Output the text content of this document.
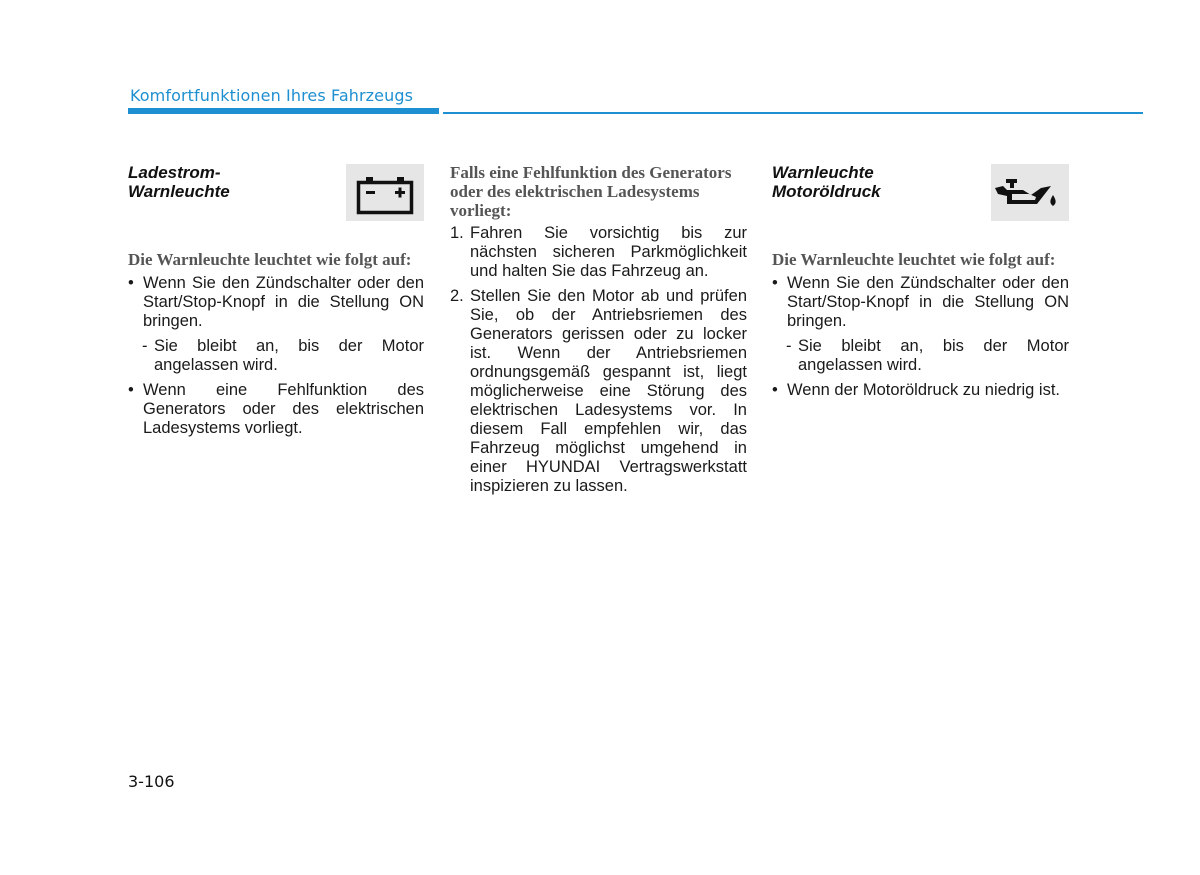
Komfortfunktionen Ihres Fahrzeugs
Ladestrom-
Warnleuchte
Die Warnleuchte leuchtet wie folgt auf:
• Wenn Sie den Zündschalter oder den Start/Stop-Knopf in die Stellung ON bringen.
- Sie bleibt an, bis der Motor angelassen wird.
• Wenn eine Fehlfunktion des Generators oder des elektrischen Ladesystems vorliegt.
Falls eine Fehlfunktion des Generators oder des elektrischen Ladesystems vorliegt:
1. Fahren Sie vorsichtig bis zur nächsten sicheren Parkmöglichkeit und halten Sie das Fahrzeug an.
2. Stellen Sie den Motor ab und prüfen Sie, ob der Antriebsriemen des Generators gerissen oder zu locker ist. Wenn der Antriebsriemen ordnungsgemäß gespannt ist, liegt möglicherweise eine Störung des elektrischen Ladesystems vor. In diesem Fall empfehlen wir, das Fahrzeug möglichst umgehend in einer HYUNDAI Vertragswerkstatt inspizieren zu lassen.
Warnleuchte
Motoröldruck
Die Warnleuchte leuchtet wie folgt auf:
• Wenn Sie den Zündschalter oder den Start/Stop-Knopf in die Stellung ON bringen.
- Sie bleibt an, bis der Motor angelassen wird.
• Wenn der Motoröldruck zu niedrig ist.
3-106
